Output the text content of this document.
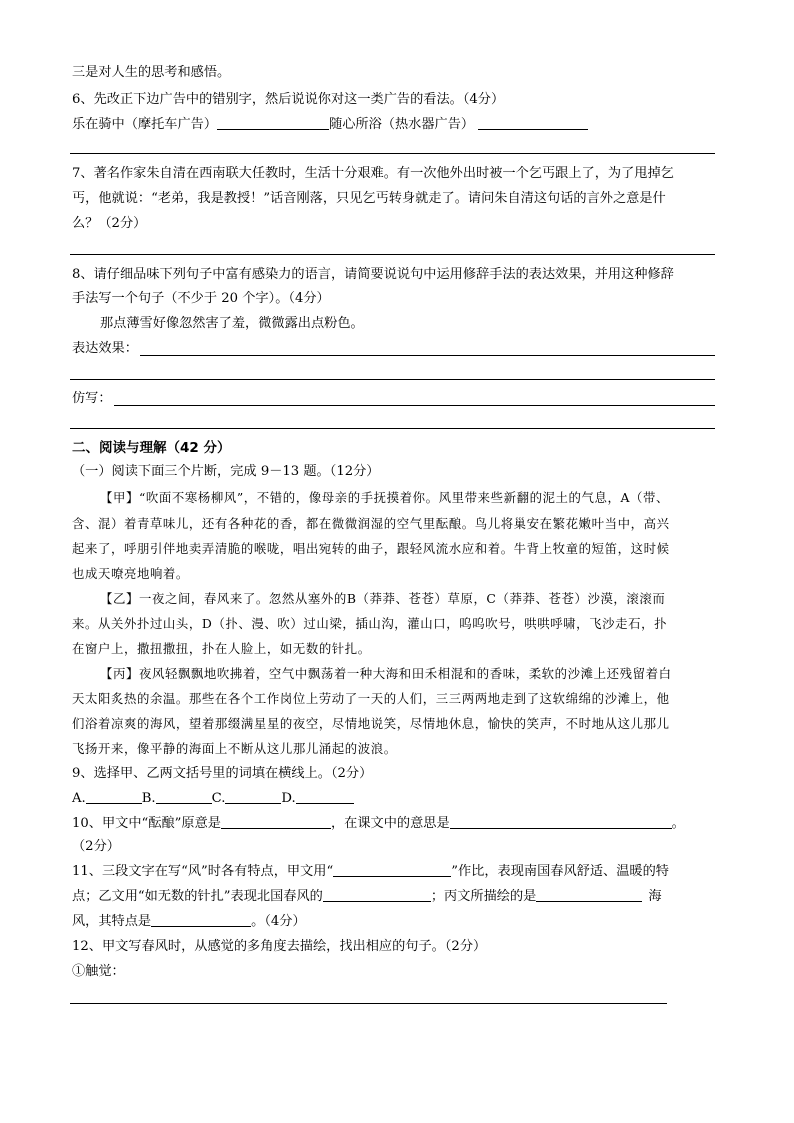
三是对人生的思考和感悟。
6、先改正下边广告中的错别字，然后说说你对这一类广告的看法。（4分）
乐在骑中（摩托车广告）	随心所浴（热水器广告）
7、著名作家朱自清在西南联大任教时，生活十分艰难。有一次他外出时被一个乞丐跟上了，为了甩掉乞
丐，他就说：“老弟，我是教授！”话音刚落，只见乞丐转身就走了。请问朱自清这句话的言外之意是什
么？（2分）
8、请仔细品味下列句子中富有感染力的语言，请简要说说句中运用修辞手法的表达效果，并用这种修辞
手法写一个句子（不少于 20 个字）。（4分）
那点薄雪好像忽然害了羞，微微露出点粉色。
表达效果：
仿写：
二、阅读与理解（42 分）
（一）阅读下面三个片断，完成 9－13 题。（12分）
【甲】“吹面不寒杨柳风”，不错的，像母亲的手抚摸着你。风里带来些新翻的泥土的气息，A（带、
含、混）着青草味儿，还有各种花的香，都在微微润湿的空气里酝酿。鸟儿将巢安在繁花嫩叶当中，高兴
起来了，呼朋引伴地卖弄清脆的喉咙，唱出宛转的曲子，跟轻风流水应和着。牛背上牧童的短笛，这时候
也成天嘹亮地响着。
【乙】一夜之间，春风来了。忽然从塞外的B（莽莽、苍苍）草原，C（莽莽、苍苍）沙漠，滚滚而
来。从关外扑过山头，D（扑、漫、吹）过山梁，插山沟，灌山口，呜呜吹号，哄哄呼啸，飞沙走石，扑
在窗户上，撒扭撒扭，扑在人脸上，如无数的针扎。
【丙】夜风轻飘飘地吹拂着，空气中飘荡着一种大海和田禾相混和的香味，柔软的沙滩上还残留着白
天太阳炙热的余温。那些在各个工作岗位上劳动了一天的人们，三三两两地走到了这软绵绵的沙滩上，他
们浴着凉爽的海风，望着那缀满星星的夜空，尽情地说笑，尽情地休息，愉快的笑声，不时地从这儿那儿
飞扬开来，像平静的海面上不断从这儿那儿涌起的波浪。
9、选择甲、乙两文括号里的词填在横线上。（2分）
A.	B.	C.	D.
10、甲文中“酝酿”原意是	，在课文中的意思是	。
（2分）
11、三段文字在写“风”时各有特点，甲文用“	”作比，表现南国春风舒适、温暖的特
点；乙文用“如无数的针扎”表现北国春风的	；丙文所描绘的是	海
风，其特点是	。（4分）
12、甲文写春风时，从感觉的多角度去描绘，找出相应的句子。（2分）
①触觉：
